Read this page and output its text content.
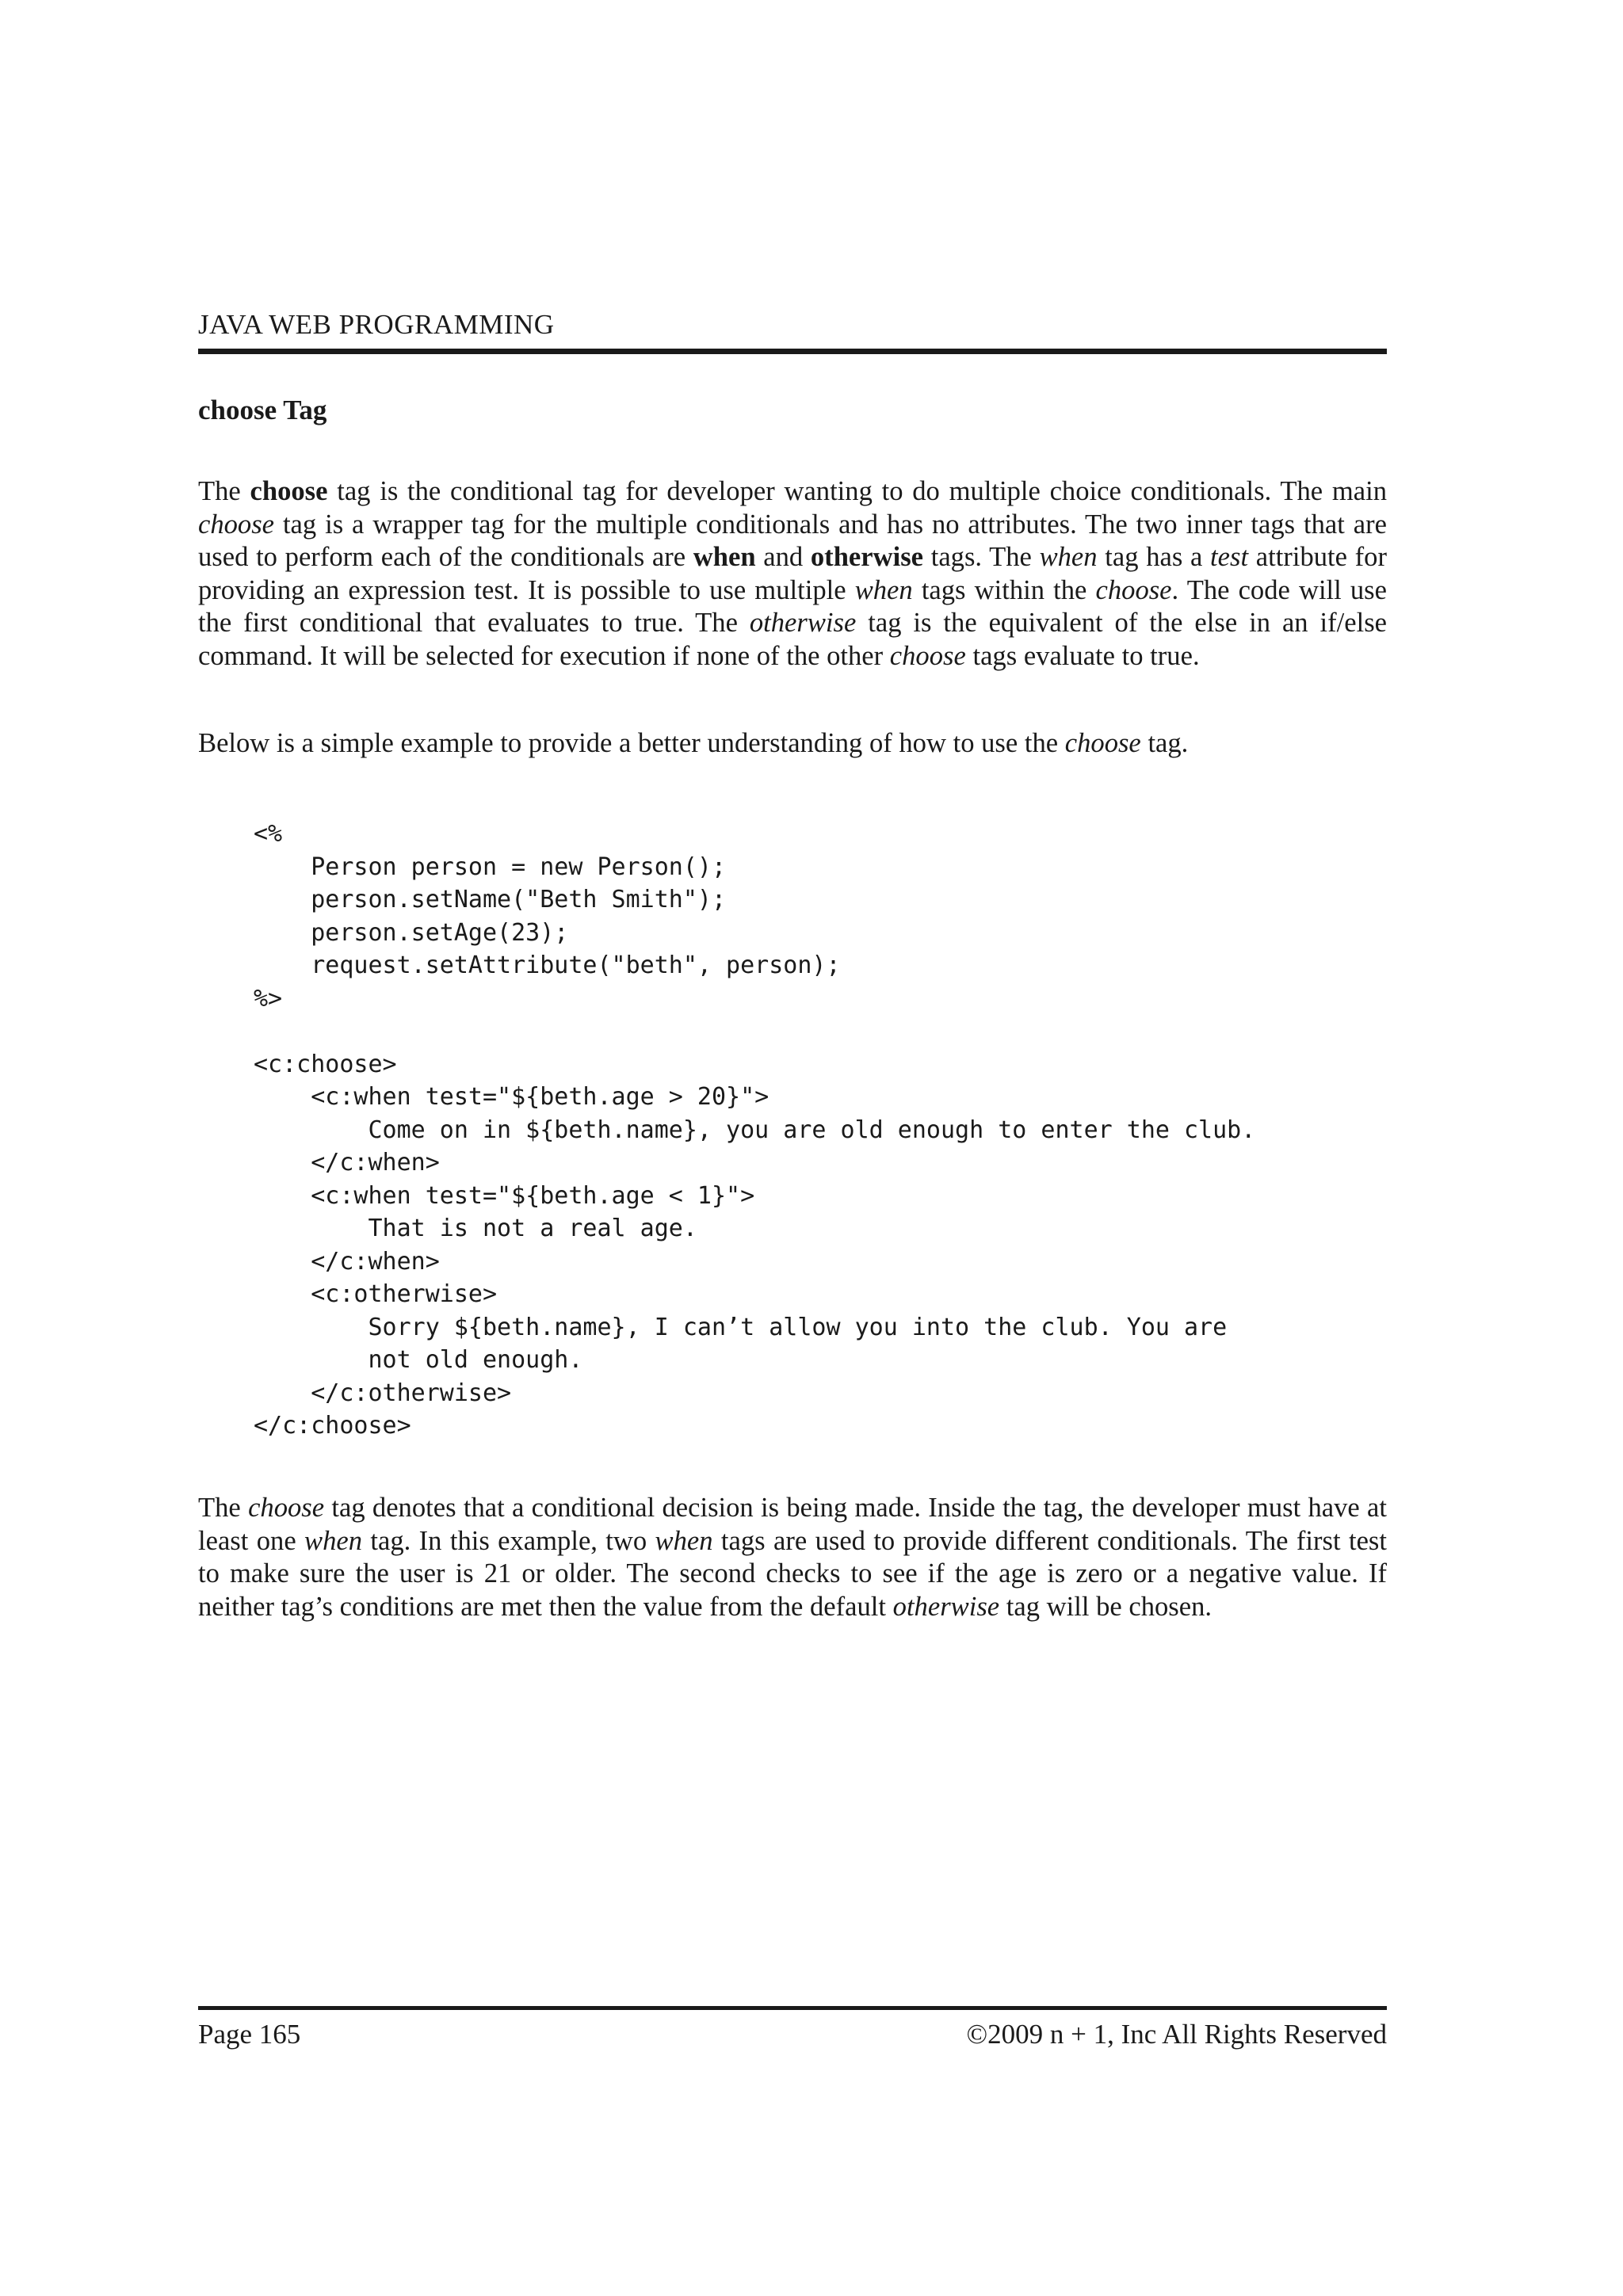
JAVA WEB PROGRAMMING
choose Tag

The choose tag is the conditional tag for developer wanting to do multiple choice conditionals. The main choose tag is a wrapper tag for the multiple conditionals and has no attributes. The two inner tags that are used to perform each of the conditionals are when and otherwise tags. The when tag has a test attribute for providing an expression test. It is possible to use multiple when tags within the choose. The code will use the first conditional that evaluates to true. The otherwise tag is the equivalent of the else in an if/else command. It will be selected for execution if none of the other choose tags evaluate to true.

Below is a simple example to provide a better understanding of how to use the choose tag.

<%
Person person = new Person();
person.setName("Beth Smith");
person.setAge(23);
request.setAttribute("beth", person);
%>

<c:choose>
<c:when test="${beth.age > 20}">
Come on in ${beth.name}, you are old enough to enter the club.
</c:when>
<c:when test="${beth.age < 1}">
That is not a real age.
</c:when>
<c:otherwise>
Sorry ${beth.name}, I can’t allow you into the club. You are
not old enough.
</c:otherwise>
</c:choose>

The choose tag denotes that a conditional decision is being made. Inside the tag, the developer must have at least one when tag. In this example, two when tags are used to provide different conditionals. The first test to make sure the user is 21 or older. The second checks to see if the age is zero or a negative value. If neither tag’s conditions are met then the value from the default otherwise tag will be chosen.

Page 165	©2009 n + 1, Inc All Rights Reserved
